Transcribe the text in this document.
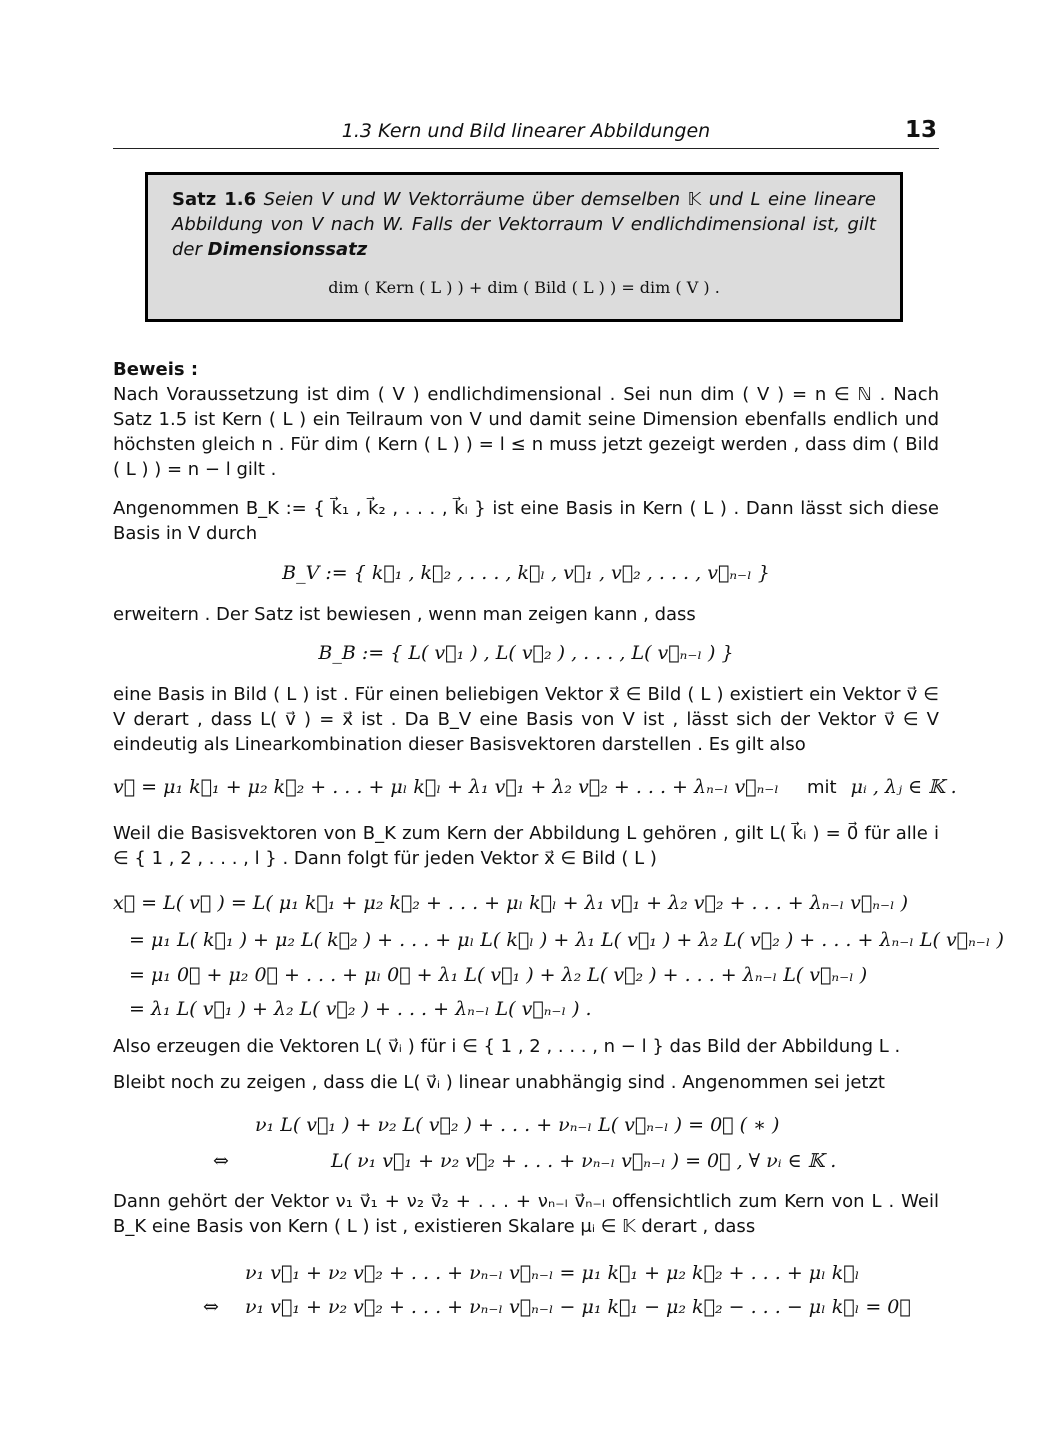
1.3 Kern und Bild linearer Abbildungen	13
Satz 1.6 Seien V und W Vektorräume über demselben 𝕂 und L eine lineare Abbildung von V nach W. Falls der Vektorraum V endlichdimensional ist, gilt der Dimensionssatz
dim ( Kern ( L ) ) + dim ( Bild ( L ) ) = dim ( V ) .
Beweis :
Nach Voraussetzung ist dim ( V ) endlichdimensional . Sei nun dim ( V ) = n ∈ ℕ . Nach Satz 1.5 ist Kern ( L ) ein Teilraum von V und damit seine Dimension ebenfalls endlich und höchsten gleich n . Für dim ( Kern ( L ) ) = l ≤ n muss jetzt gezeigt werden , dass dim ( Bild ( L ) ) = n − l gilt .
Angenommen B_K := { k⃗₁ , k⃗₂ , . . . , k⃗ₗ } ist eine Basis in Kern ( L ) . Dann lässt sich diese Basis in V durch
B_V := { k⃗₁ , k⃗₂ , . . . , k⃗ₗ , v⃗₁ , v⃗₂ , . . . , v⃗ₙ₋ₗ }
erweitern . Der Satz ist bewiesen , wenn man zeigen kann , dass
B_B := { L( v⃗₁ ) , L( v⃗₂ ) , . . . , L( v⃗ₙ₋ₗ ) }
eine Basis in Bild ( L ) ist . Für einen beliebigen Vektor x⃗ ∈ Bild ( L ) existiert ein Vektor v⃗ ∈ V derart , dass L( v⃗ ) = x⃗ ist . Da B_V eine Basis von V ist , lässt sich der Vektor v⃗ ∈ V eindeutig als Linearkombination dieser Basisvektoren darstellen . Es gilt also
v⃗ = μ₁ k⃗₁ + μ₂ k⃗₂ + . . . + μₗ k⃗ₗ + λ₁ v⃗₁ + λ₂ v⃗₂ + . . . + λₙ₋ₗ v⃗ₙ₋ₗ mit μᵢ , λⱼ ∈ 𝕂 .
Weil die Basisvektoren von B_K zum Kern der Abbildung L gehören , gilt L( k⃗ᵢ ) = 0⃗ für alle i ∈ { 1 , 2 , . . . , l } . Dann folgt für jeden Vektor x⃗ ∈ Bild ( L )
x⃗ = L( v⃗ ) = L( μ₁ k⃗₁ + μ₂ k⃗₂ + . . . + μₗ k⃗ₗ + λ₁ v⃗₁ + λ₂ v⃗₂ + . . . + λₙ₋ₗ v⃗ₙ₋ₗ )
= μ₁ L( k⃗₁ ) + μ₂ L( k⃗₂ ) + . . . + μₗ L( k⃗ₗ ) + λ₁ L( v⃗₁ ) + λ₂ L( v⃗₂ ) + . . . + λₙ₋ₗ L( v⃗ₙ₋ₗ )
= μ₁ 0⃗ + μ₂ 0⃗ + . . . + μₗ 0⃗ + λ₁ L( v⃗₁ ) + λ₂ L( v⃗₂ ) + . . . + λₙ₋ₗ L( v⃗ₙ₋ₗ )
= λ₁ L( v⃗₁ ) + λ₂ L( v⃗₂ ) + . . . + λₙ₋ₗ L( v⃗ₙ₋ₗ ) .
Also erzeugen die Vektoren L( v⃗ᵢ ) für i ∈ { 1 , 2 , . . . , n − l } das Bild der Abbildung L .
Bleibt noch zu zeigen , dass die L( v⃗ᵢ ) linear unabhängig sind . Angenommen sei jetzt
ν₁ L( v⃗₁ ) + ν₂ L( v⃗₂ ) + . . . + νₙ₋ₗ L( v⃗ₙ₋ₗ ) = 0⃗ ( ∗ )
⇔	L( ν₁ v⃗₁ + ν₂ v⃗₂ + . . . + νₙ₋ₗ v⃗ₙ₋ₗ ) = 0⃗ , ∀ νᵢ ∈ 𝕂 .
Dann gehört der Vektor ν₁ v⃗₁ + ν₂ v⃗₂ + . . . + νₙ₋ₗ v⃗ₙ₋ₗ offensichtlich zum Kern von L . Weil B_K eine Basis von Kern ( L ) ist , existieren Skalare μᵢ ∈ 𝕂 derart , dass
ν₁ v⃗₁ + ν₂ v⃗₂ + . . . + νₙ₋ₗ v⃗ₙ₋ₗ = μ₁ k⃗₁ + μ₂ k⃗₂ + . . . + μₗ k⃗ₗ
⇔ ν₁ v⃗₁ + ν₂ v⃗₂ + . . . + νₙ₋ₗ v⃗ₙ₋ₗ − μ₁ k⃗₁ − μ₂ k⃗₂ − . . . − μₗ k⃗ₗ = 0⃗
